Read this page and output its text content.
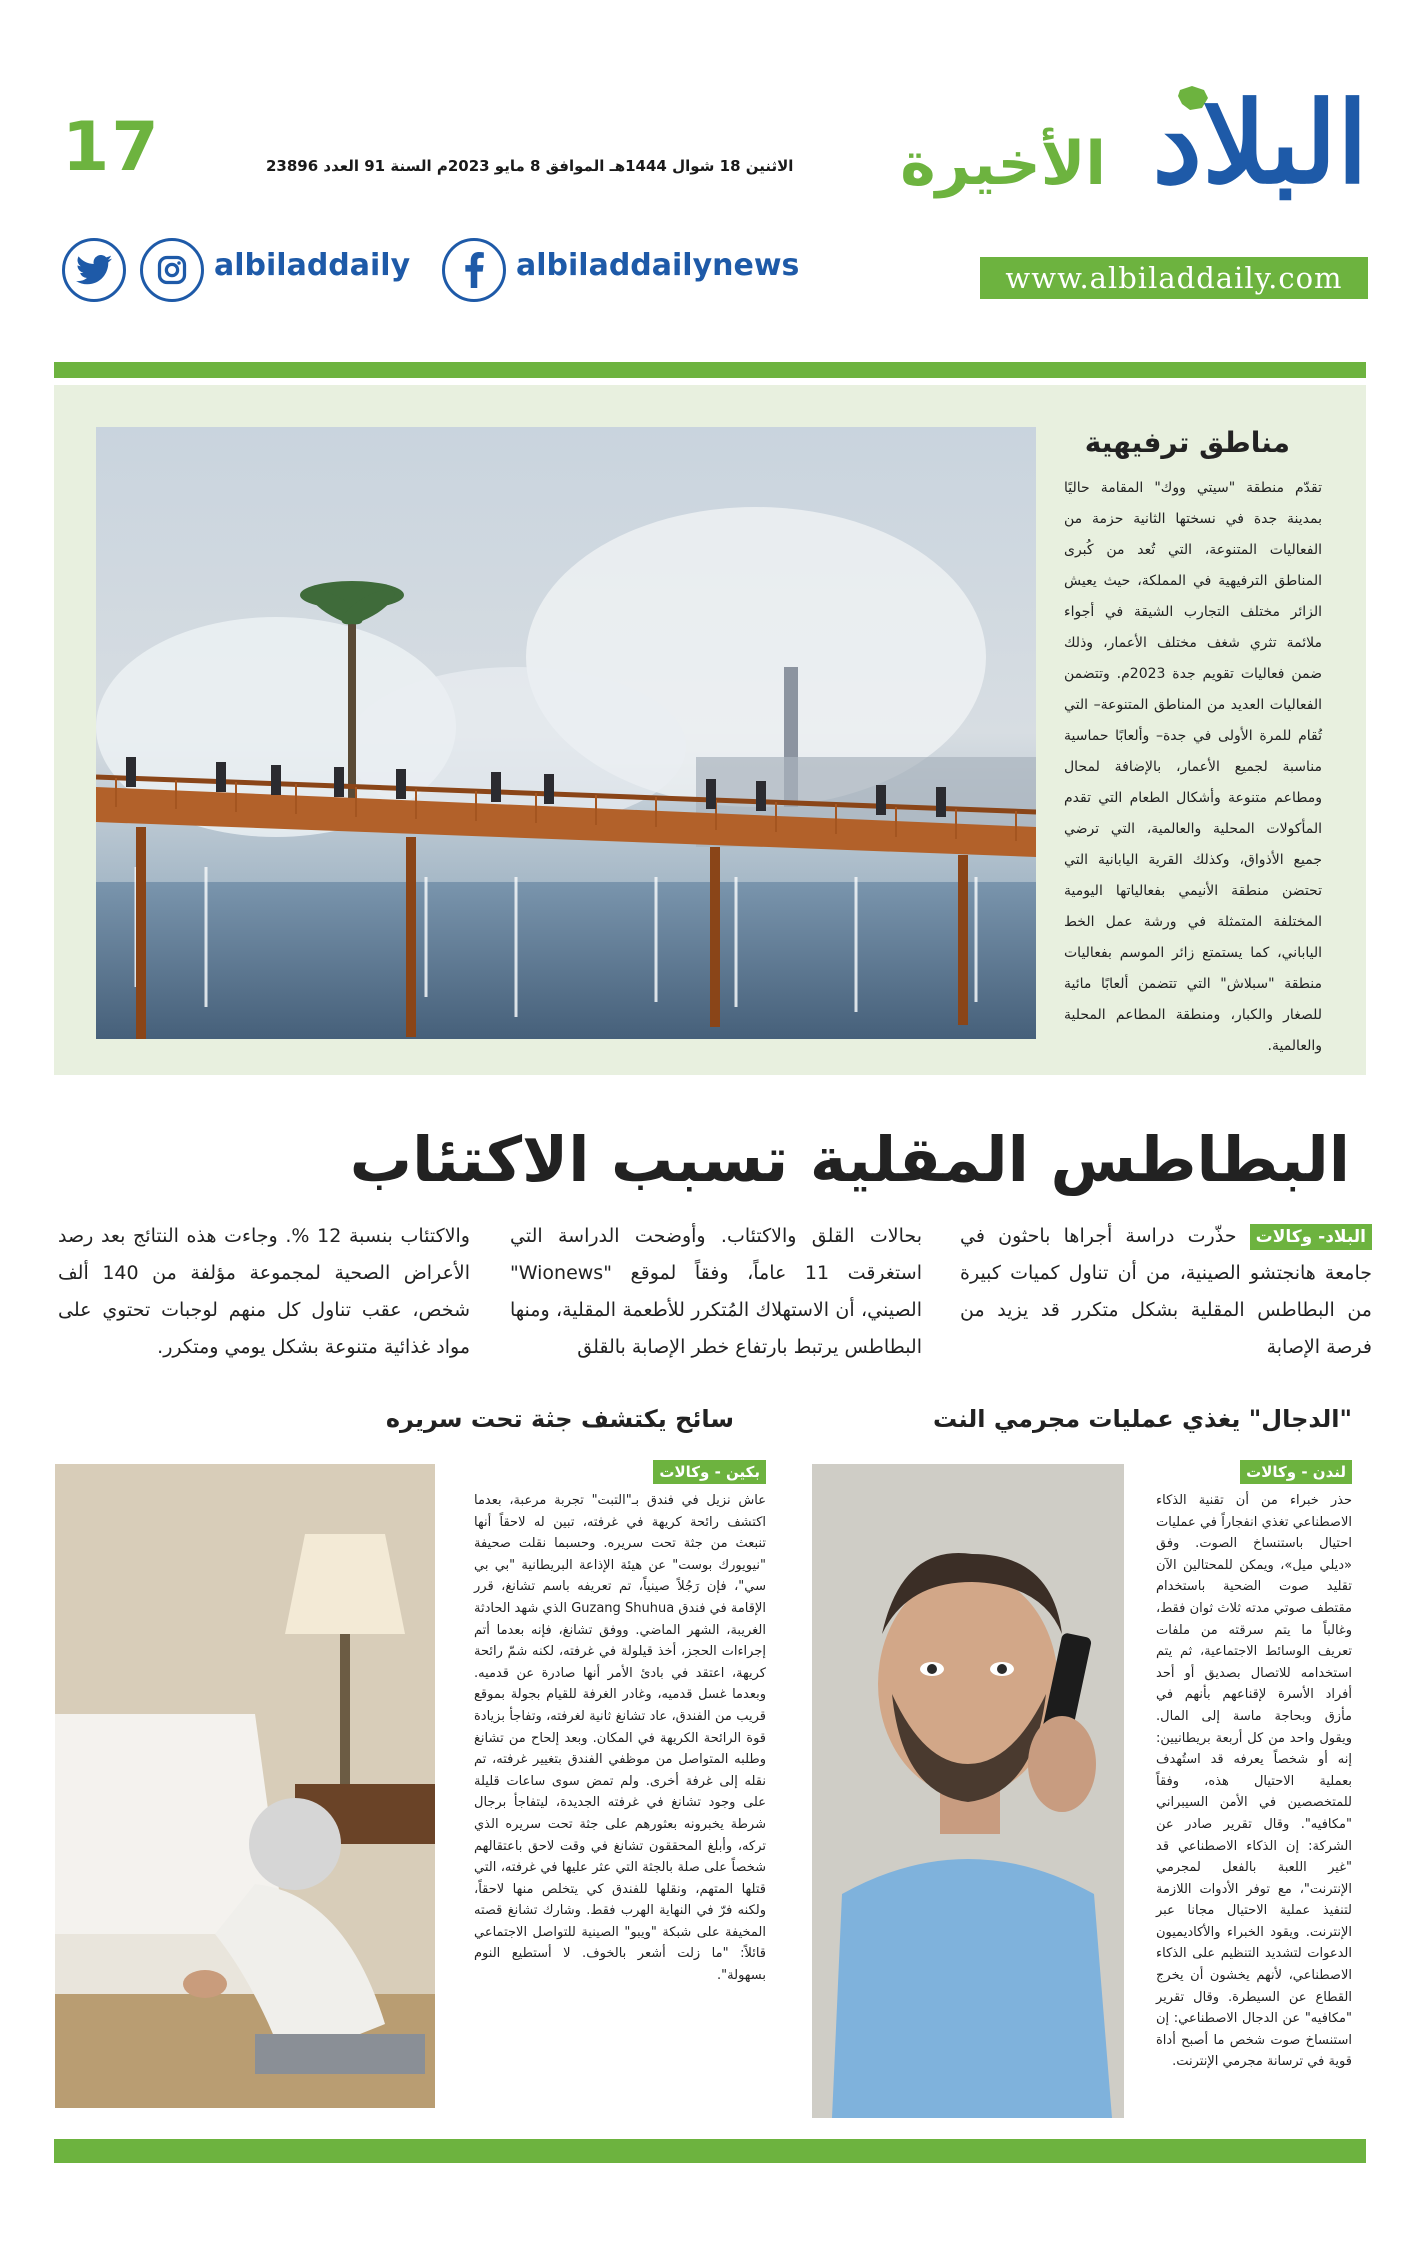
17	الاثنين 18 شوال 1444هـ الموافق 8 مايو 2023م السنة 91 العدد 23896	البلاد
الأخيرة
www.albiladdaily.com
albiladdaily	albiladdailynews
مناطق ترفيهية
تقدّم منطقة "سيتي ووك" المقامة حاليًا بمدينة جدة في نسختها الثانية حزمة من الفعاليات المتنوعة، التي تُعد من كُبرى المناطق الترفيهية في المملكة، حيث يعيش الزائر مختلف التجارب الشيقة في أجواء ملائمة تثري شغف مختلف الأعمار، وذلك ضمن فعاليات تقويم جدة 2023م. وتتضمن الفعاليات العديد من المناطق المتنوعة– التي تُقام للمرة الأولى في جدة– وألعابًا حماسية مناسبة لجميع الأعمار، بالإضافة لمحال ومطاعم متنوعة وأشكال الطعام التي تقدم المأكولات المحلية والعالمية، التي ترضي جميع الأذواق، وكذلك القرية اليابانية التي تحتضن منطقة الأنيمي بفعالياتها اليومية المختلفة المتمثلة في ورشة عمل الخط الياباني، كما يستمتع زائر الموسم بفعاليات منطقة "سبلاش" التي تتضمن ألعابًا مائية للصغار والكبار، ومنطقة المطاعم المحلية والعالمية.
البطاطس المقلية تسبب الاكتئاب
البلاد- وكالات حذّرت دراسة أجراها باحثون في جامعة هانجتشو الصينية، من أن تناول كميات كبيرة من البطاطس المقلية بشكل متكرر قد يزيد من فرصة الإصابة
بحالات القلق والاكتئاب. وأوضحت الدراسة التي استغرقت 11 عاماً، وفقاً لموقع "Wionews" الصيني، أن الاستهلاك المُتكرر للأطعمة المقلية، ومنها البطاطس يرتبط بارتفاع خطر الإصابة بالقلق
والاكتئاب بنسبة 12 %. وجاءت هذه النتائج بعد رصد الأعراض الصحية لمجموعة مؤلفة من 140 ألف شخص، عقب تناول كل منهم لوجبات تحتوي على مواد غذائية متنوعة بشكل يومي ومتكرر.
"الدجال" يغذي عمليات مجرمي النت
لندن - وكالات
حذر خبراء من أن تقنية الذكاء الاصطناعي تغذي انفجاراً في عمليات احتيال باستنساخ الصوت. وفق «ديلي ميل»، ويمكن للمحتالين الآن تقليد صوت الضحية باستخدام مقتطف صوتي مدته ثلاث ثوان فقط، وغالباً ما يتم سرقته من ملفات تعريف الوسائط الاجتماعية، ثم يتم استخدامه للاتصال بصديق أو أحد أفراد الأسرة لإقناعهم بأنهم في مأزق وبحاجة ماسة إلى المال. ويقول واحد من كل أربعة بريطانيين: إنه أو شخصاً يعرفه قد استُهدف بعملية الاحتيال هذه، وفقاً للمتخصصين في الأمن السيبراني "مكافيه". وقال تقرير صادر عن الشركة: إن الذكاء الاصطناعي قد "غير اللعبة بالفعل لمجرمي الإنترنت"، مع توفر الأدوات اللازمة لتنفيذ عملية الاحتيال مجانا عبر الإنترنت. ويقود الخبراء والأكاديميون الدعوات لتشديد التنظيم على الذكاء الاصطناعي، لأنهم يخشون أن يخرج القطاع عن السيطرة. وقال تقرير "مكافيه" عن الدجال الاصطناعي: إن استنساخ صوت شخص ما أصبح أداة قوية في ترسانة مجرمي الإنترنت.
سائح يكتشف جثة تحت سريره
بكين - وكالات
عاش نزيل في فندق بـ"التبت" تجربة مرعبة، بعدما اكتشف رائحة كريهة في غرفته، تبين له لاحقاً أنها تنبعث من جثة تحت سريره. وحسبما نقلت صحيفة "نيويورك بوست" عن هيئة الإذاعة البريطانية "بي بي سي"، فإن رَجُلاً صينياً، تم تعريفه باسم تشانغ، قرر الإقامة في فندق Guzang Shuhua الذي شهد الحادثة الغريبة، الشهر الماضي. ووفق تشانغ، فإنه بعدما أتم إجراءات الحجز، أخذ قيلولة في غرفته، لكنه شمّ رائحة كريهة، اعتقد في بادئ الأمر أنها صادرة عن قدميه. وبعدما غسل قدميه، وغادر الغرفة للقيام بجولة بموقع قريب من الفندق، عاد تشانغ ثانية لغرفته، وتفاجأ بزيادة قوة الرائحة الكريهة في المكان. وبعد إلحاح من تشانغ وطلبه المتواصل من موظفي الفندق بتغيير غرفته، تم نقله إلى غرفة أخرى. ولم تمض سوى ساعات قليلة على وجود تشانغ في غرفته الجديدة، ليتفاجأ برجال شرطة يخبرونه بعثورهم على جثة تحت سريره الذي تركه، وأبلغ المحققون تشانغ في وقت لاحق باعتقالهم شخصاً على صلة بالجثة التي عثر عليها في غرفته، التي قتلها المتهم، ونقلها للفندق كي يتخلص منها لاحقاً، ولكنه فرّ في النهاية الهرب فقط. وشارك تشانغ قصته المخيفة على شبكة "ويبو" الصينية للتواصل الاجتماعي قائلاً: "ما زلت أشعر بالخوف. لا أستطيع النوم بسهولة".
